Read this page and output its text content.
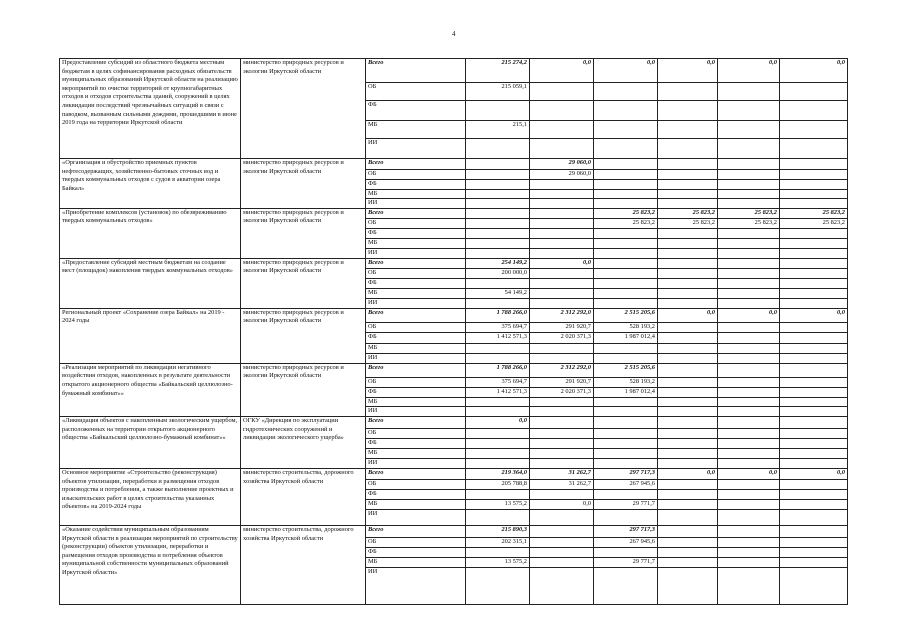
4
Предоставление субсидий из областного бюджета местным бюджетам в целях софинансирования расходных обязательств муниципальных образований Иркутской области на реализацию мероприятий по очистке территорий от крупногабаритных отходов и отходов строительства зданий, сооружений в целях ликвидации последствий чрезвычайных ситуаций в связи с паводком, вызванным сильными дождями, прошедшими в июне 2019 года на территории Иркутской области	министерство природных ресурсов и экологии Иркутской области	Всего	215 274,2	0,0	0,0	0,0	0,0	0,0
		ОБ	215 059,1					
		ФБ						
		МБ	215,1					
		ИИ						
«Организация и обустройство приемных пунктов нефтесодержащих, хозяйственно-бытовых сточных вод и твердых коммунальных отходов с судов в акватории озера Байкал»	министерство природных ресурсов и экологии Иркутской области	Всего		29 060,0				
		ОБ		29 060,0				
		ФБ						
		МБ						
		ИИ						
«Приобретение комплексов (установок) по обезвреживанию твердых коммунальных отходов»	министерство природных ресурсов и экологии Иркутской области	Всего			25 823,2	25 823,2	25 823,2	25 823,2
		ОБ			25 823,2	25 823,2	25 823,2	25 823,2
		ФБ						
		МБ						
		ИИ						
«Предоставление субсидий местным бюджетам на создание мест (площадок) накопления твердых коммунальных отходов»	министерство природных ресурсов и экологии Иркутской области	Всего	254 149,2	0,0				
		ОБ	200 000,0					
		ФБ						
		МБ	54 149,2					
		ИИ						
Региональный проект «Сохранение озера Байкал» на 2019 - 2024 годы	министерство природных ресурсов и экологии Иркутской области	Всего	1 788 266,0	2 312 292,0	2 515 205,6	0,0	0,0	0,0
		ОБ	375 694,7	291 920,7	528 193,2			
		ФБ	1 412 571,3	2 020 371,3	1 987 012,4			
		МБ						
		ИИ						
«Реализация мероприятий по ликвидации негативного воздействия отходов, накопленных в результате деятельности открытого акционерного общества «Байкальский целлюлозно-бумажный комбинат»»	министерство природных ресурсов и экологии Иркутской области	Всего	1 788 266,0	2 312 292,0	2 515 205,6			
		ОБ	375 694,7	291 920,7	528 193,2			
		ФБ	1 412 571,3	2 020 371,3	1 987 012,4			
		МБ						
		ИИ						
«Ликвидация объектов с накопленным экологическим ущербом, расположенных на территории открытого акционерного общества «Байкальский целлюлозно-бумажный комбинат»»	ОГКУ «Дирекция по эксплуатации гидротехнических сооружений и ликвидации экологического ущерба»	Всего	0,0					
		ОБ						
		ФБ						
		МБ						
		ИИ						
Основное мероприятие «Строительство (реконструкция) объектов утилизации, переработки и размещения отходов производства и потребления, а также выполнение проектных и изыскательских работ в целях строительства указанных объектов» на 2019-2024 годы	министерство строительства, дорожного хозяйства Иркутской области	Всего	219 364,0	31 262,7	297 717,3	0,0	0,0	0,0
		ОБ	205 788,8	31 262,7	267 945,6			
		ФБ						
		МБ	13 575,2	0,0	29 771,7			
		ИИ						
«Оказание содействия муниципальным образованиям Иркутской области в реализации мероприятий по строительству (реконструкции) объектов утилизации, переработки и размещения отходов производства и потребления объектов муниципальной собственности муниципальных образований Иркутской области»	министерство строительства, дорожного хозяйства Иркутской области	Всего	215 890,3		297 717,3			
		ОБ	202 315,1		267 945,6			
		ФБ						
		МБ	13 575,2		29 771,7			
		ИИ						
